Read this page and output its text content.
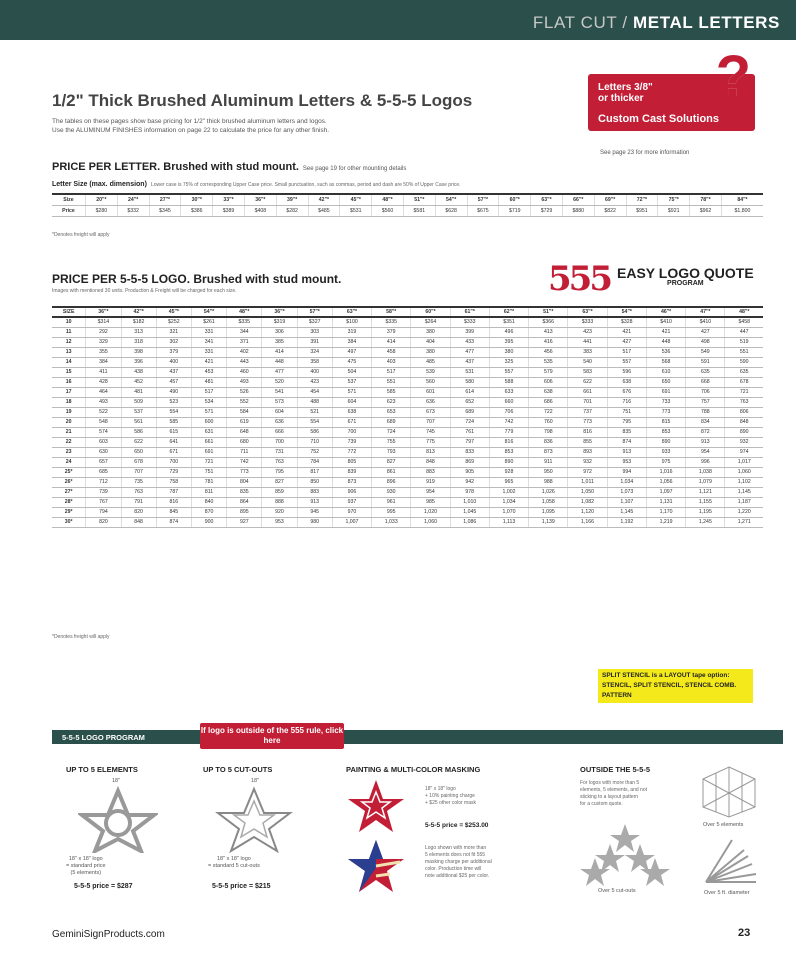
FLAT CUT / METAL LETTERS
1/2" Thick Brushed Aluminum Letters & 5-5-5 Logos
The tables on these pages show base pricing for 1/2" thick brushed aluminum letters and logos.
Use the ALUMINUM FINISHES information on page 22 to calculate the price for any other finish.
Letters 3/8"
or thicker
Custom Cast Solutions
?
See page 23 for more information
PRICE PER LETTER. Brushed with stud mount. See page 19 for other mounting details
Letter Size (max. dimension) Lower case is 75% of corresponding Upper Case price. Small punctuation, such as commas, period and dash are 50% of Upper Case price.
Size	20"*	24"*	27"*	30"*	33"*	36"*	39"*	42"*	45"*	48"*	51"*	54"*	57"*	60"*	63"*	66"*	69"*	72"*	75"*	78"*	84"*
Price	$280	$332	$345	$386	$389	$408	$282	$485	$531	$560	$581	$628	$675	$719	$729	$880	$822	$951	$921	$962	$1,800
*Denotes freight will apply
PRICE PER 5-5-5 LOGO. Brushed with stud mount.
Images with mentioned 30 units. Production & Freight will be charged for each size.	555 EASY LOGO QUOTE
PROGRAM
SIZE	36"*	42"*	45"*	54"*	48"*	36"*	57"*	63"*	58"*	60"*	61"*	62"*	51"*	63"*	54"*	46"*	47"*	48"*
10	$314	$182	$252	$261	$335	$319	$327	$100	$335	$264	$333	$351	$366	$333	$328	$410	$410	$458
11	292	313	321	331	344	306	303	319	379	380	399	496	413	423	421	421	427	447
12	329	318	302	341	371	385	391	384	414	404	433	395	416	441	427	448	498	519
13	355	398	379	331	402	414	324	497	458	380	477	380	456	383	517	536	549	551
14	384	396	400	421	443	448	358	475	403	485	437	325	535	540	557	568	591	590
15	411	438	437	453	460	477	400	504	517	539	531	557	579	583	596	610	635	635
16	428	452	457	481	493	520	423	537	551	560	580	588	606	622	638	650	668	678
17	464	481	490	517	526	541	454	571	585	601	614	633	638	661	676	691	706	721
18	493	509	523	534	552	573	488	604	623	636	652	660	686	701	716	733	757	763
19	522	537	554	571	584	604	521	638	653	673	689	706	722	737	751	773	788	806
20	548	561	585	600	619	636	554	671	689	707	724	742	760	773	795	815	834	848
21	574	586	615	631	648	666	586	700	724	745	761	779	798	816	835	853	872	890
22	603	622	641	661	680	700	710	739	755	775	797	816	836	855	874	890	913	932
23	630	650	671	691	711	731	752	772	793	813	833	853	873	893	913	933	954	974
24	657	678	700	721	742	763	784	805	827	848	869	890	911	932	953	975	996	1,017
25*	685	707	729	751	773	795	817	839	861	883	905	928	950	972	994	1,016	1,038	1,060
26*	712	735	758	781	804	827	850	873	896	919	942	965	988	1,011	1,034	1,056	1,079	1,102
27*	739	763	787	811	835	859	883	906	930	954	978	1,002	1,026	1,050	1,073	1,097	1,121	1,145
28*	767	791	816	840	864	888	913	937	961	985	1,010	1,034	1,058	1,082	1,107	1,131	1,155	1,187
29*	794	820	845	870	895	920	945	970	995	1,020	1,045	1,070	1,095	1,120	1,145	1,170	1,195	1,220
30*	820	848	874	900	927	953	980	1,007	1,033	1,060	1,086	1,113	1,139	1,166	1,192	1,219	1,245	1,271
*Denotes freight will apply
SPLIT STENCIL is a LAYOUT tape option: STENCIL, SPLIT STENCIL, STENCIL COMB. PATTERN
5-5-5 LOGO PROGRAM
If logo is outside of the 555 rule, click here
UP TO 5 ELEMENTS
18"
18" x 18" logo
= standard price
(5 elements)
5-5-5 price = $287
UP TO 5 CUT-OUTS
18"
18" x 18" logo
= standard 5 cut-outs
5-5-5 price = $215
PAINTING & MULTI-COLOR MASKING
18" x 18" logo
+ 10% painting charge
+ $25 other color mask
5-5-5 price = $253.00
Logo shown with more than
5 elements does not fit 555
masking charge per additional
color. Production time will
note additional $25 per color.
OUTSIDE THE 5-5-5
For logos with more than 5
elements, 5 elements, and not
sticking to a layout pattern
for a custom quote.
Over 5 elements
Over 5 cut-outs	Over 5 ft. diameter
GeminiSignProducts.com	23
